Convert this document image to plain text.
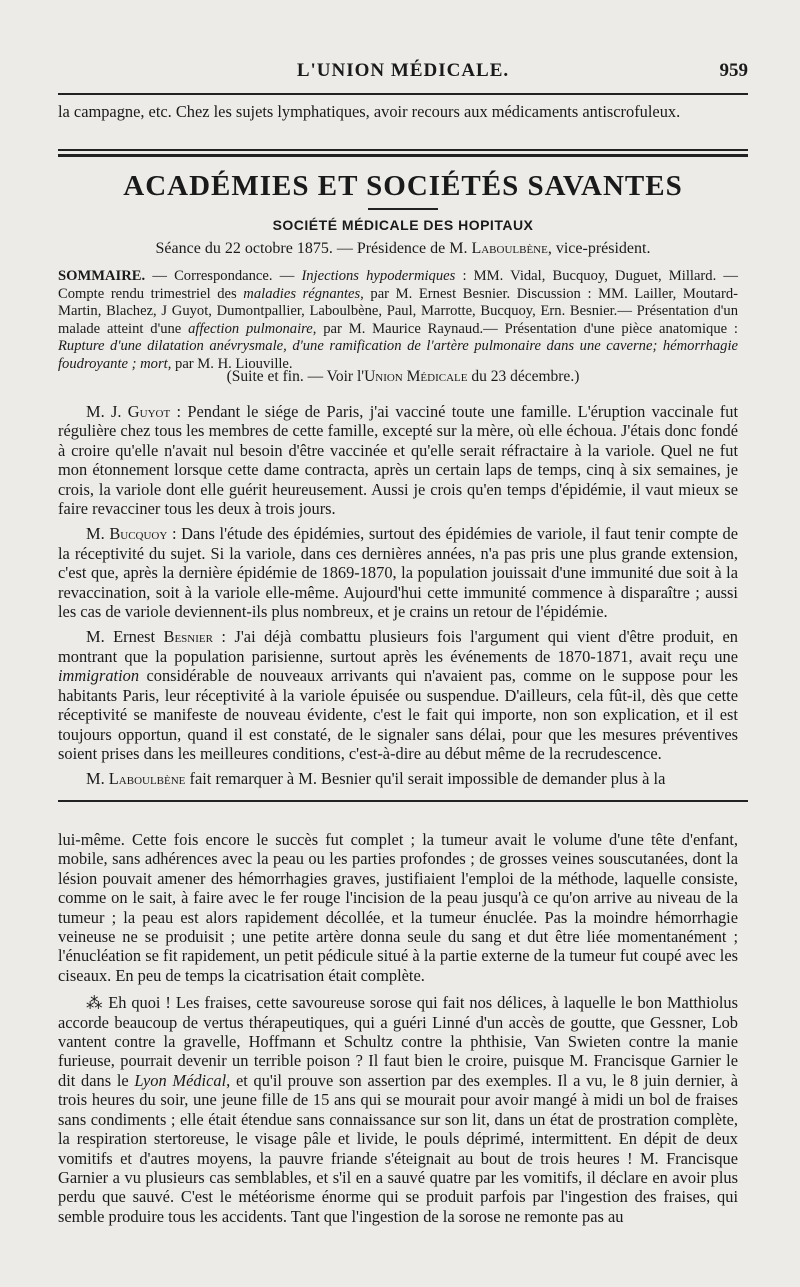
L'UNION MÉDICALE.	959

la campagne, etc. Chez les sujets lymphatiques, avoir recours aux médicaments antiscrofuleux.

ACADÉMIES ET SOCIÉTÉS SAVANTES
SOCIÉTÉ MÉDICALE DES HOPITAUX
Séance du 22 octobre 1875. — Présidence de M. Laboulbène, vice-président.
SOMMAIRE. — Correspondance. — Injections hypodermiques : MM. Vidal, Bucquoy, Duguet, Millard. — Compte rendu trimestriel des maladies régnantes, par M. Ernest Besnier. Discussion : MM. Lailler, Moutard-Martin, Blachez, J Guyot, Dumontpallier, Laboulbène, Paul, Marrotte, Bucquoy, Ern. Besnier.— Présentation d'un malade atteint d'une affection pulmonaire, par M. Maurice Raynaud.— Présentation d'une pièce anatomique : Rupture d'une dilatation anévrysmale, d'une ramification de l'artère pulmonaire dans une caverne; hémorrhagie foudroyante ; mort, par M. H. Liouville.
(Suite et fin. — Voir l'Union Médicale du 23 décembre.)

M. J. Guyot : Pendant le siége de Paris, j'ai vacciné toute une famille. L'éruption vaccinale fut régulière chez tous les membres de cette famille, excepté sur la mère, où elle échoua. J'étais donc fondé à croire qu'elle n'avait nul besoin d'être vaccinée et qu'elle serait réfractaire à la variole. Quel ne fut mon étonnement lorsque cette dame contracta, après un certain laps de temps, cinq à six semaines, je crois, la variole dont elle guérit heureusement. Aussi je crois qu'en temps d'épidémie, il vaut mieux se faire revacciner tous les deux à trois jours.

M. Bucquoy : Dans l'étude des épidémies, surtout des épidémies de variole, il faut tenir compte de la réceptivité du sujet. Si la variole, dans ces dernières années, n'a pas pris une plus grande extension, c'est que, après la dernière épidémie de 1869-1870, la population jouissait d'une immunité due soit à la revaccination, soit à la variole elle-même. Aujourd'hui cette immunité commence à disparaître ; aussi les cas de variole deviennent-ils plus nombreux, et je crains un retour de l'épidémie.

M. Ernest Besnier : J'ai déjà combattu plusieurs fois l'argument qui vient d'être produit, en montrant que la population parisienne, surtout après les événements de 1870-1871, avait reçu une immigration considérable de nouveaux arrivants qui n'avaient pas, comme on le suppose pour les habitants Paris, leur réceptivité à la variole épuisée ou suspendue. D'ailleurs, cela fût-il, dès que cette réceptivité se manifeste de nouveau évidente, c'est le fait qui importe, non son explication, et il est toujours opportun, quand il est constaté, de le signaler sans délai, pour que les mesures préventives soient prises dans les meilleures conditions, c'est-à-dire au début même de la recrudescence.

M. Laboulbène fait remarquer à M. Besnier qu'il serait impossible de demander plus à la

lui-même. Cette fois encore le succès fut complet ; la tumeur avait le volume d'une tête d'enfant, mobile, sans adhérences avec la peau ou les parties profondes ; de grosses veines souscutanées, dont la lésion pouvait amener des hémorrhagies graves, justifiaient l'emploi de la méthode, laquelle consiste, comme on le sait, à faire avec le fer rouge l'incision de la peau jusqu'à ce qu'on arrive au niveau de la tumeur ; la peau est alors rapidement décollée, et la tumeur énuclée. Pas la moindre hémorrhagie veineuse ne se produisit ; une petite artère donna seule du sang et dut être liée momentanément ; l'énucléation se fit rapidement, un petit pédicule situé à la partie externe de la tumeur fut coupé avec les ciseaux. En peu de temps la cicatrisation était complète.

⁂ Eh quoi ! Les fraises, cette savoureuse sorose qui fait nos délices, à laquelle le bon Matthiolus accorde beaucoup de vertus thérapeutiques, qui a guéri Linné d'un accès de goutte, que Gessner, Lob vantent contre la gravelle, Hoffmann et Schultz contre la phthisie, Van Swieten contre la manie furieuse, pourrait devenir un terrible poison ? Il faut bien le croire, puisque M. Francisque Garnier le dit dans le Lyon Médical, et qu'il prouve son assertion par des exemples. Il a vu, le 8 juin dernier, à trois heures du soir, une jeune fille de 15 ans qui se mourait pour avoir mangé à midi un bol de fraises sans condiments ; elle était étendue sans connaissance sur son lit, dans un état de prostration complète, la respiration stertoreuse, le visage pâle et livide, le pouls déprimé, intermittent. En dépit de deux vomitifs et d'autres moyens, la pauvre friande s'éteignait au bout de trois heures ! M. Francisque Garnier a vu plusieurs cas semblables, et s'il en a sauvé quatre par les vomitifs, il déclare en avoir plus perdu que sauvé. C'est le météorisme énorme qui se produit parfois par l'ingestion des fraises, qui semble produire tous les accidents. Tant que l'ingestion de la sorose ne remonte pas au
